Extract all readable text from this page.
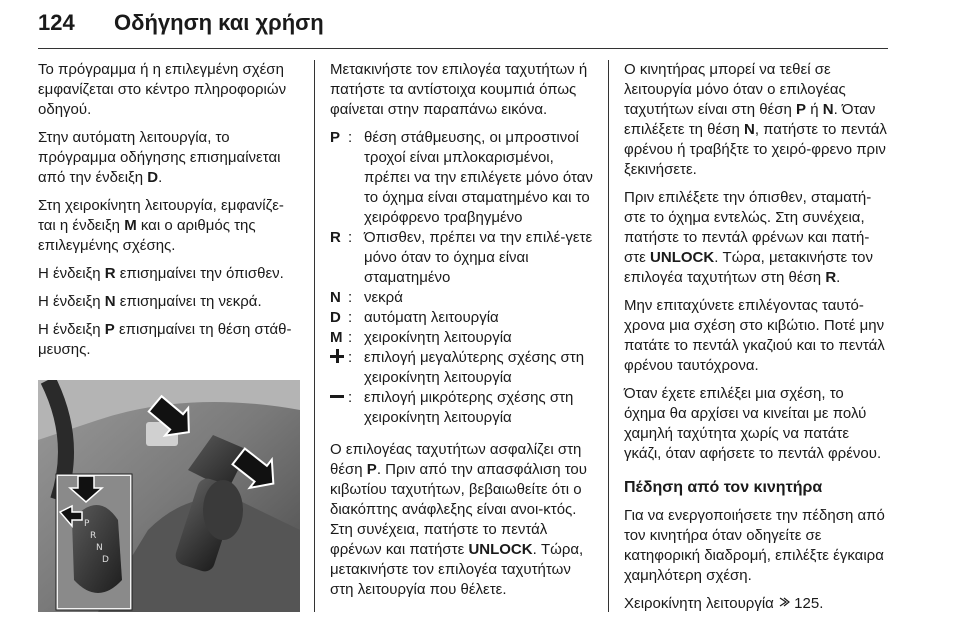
124 Οδήγηση και χρήση

Το πρόγραμμα ή η επιλεγμένη σχέση εμφανίζεται στο κέντρο πληροφοριών οδηγού.

Στην αυτόματη λειτουργία, το πρόγραμμα οδήγησης επισημαίνεται από την ένδειξη D.

Στη χειροκίνητη λειτουργία, εμφανίζε-ται η ένδειξη M και ο αριθμός της επιλεγμένης σχέσης.

Η ένδειξη R επισημαίνει την όπισθεν.

Η ένδειξη N επισημαίνει τη νεκρά.

Η ένδειξη P επισημαίνει τη θέση στάθ-μευσης.

R
N
D
P

Μετακινήστε τον επιλογέα ταχυτήτων ή πατήστε τα αντίστοιχα κουμπιά όπως φαίνεται στην παραπάνω εικόνα.

P : θέση στάθμευσης, οι μπροστινοί τροχοί είναι μπλοκαρισμένοι, πρέπει να την επιλέγετε μόνο όταν το όχημα είναι σταματημένο και το χειρόφρενο τραβηγμένο
R : Όπισθεν, πρέπει να την επιλέ-γετε μόνο όταν το όχημα είναι σταματημένο
N : νεκρά
D : αυτόματη λειτουργία
M : χειροκίνητη λειτουργία
: επιλογή μεγαλύτερης σχέσης στη χειροκίνητη λειτουργία
: επιλογή μικρότερης σχέσης στη χειροκίνητη λειτουργία

Ο επιλογέας ταχυτήτων ασφαλίζει στη θέση P. Πριν από την απασφάλιση του κιβωτίου ταχυτήτων, βεβαιωθείτε ότι ο διακόπτης ανάφλεξης είναι ανοι-κτός. Στη συνέχεια, πατήστε το πεντάλ φρένων και πατήστε UNLOCK. Τώρα, μετακινήστε τον επιλογέα ταχυτήτων στη λειτουργία που θέλετε.

Ο κινητήρας μπορεί να τεθεί σε λειτουργία μόνο όταν ο επιλογέας ταχυτήτων είναι στη θέση P ή N. Όταν επιλέξετε τη θέση N, πατήστε το πεντάλ φρένου ή τραβήξτε το χειρό-φρενο πριν ξεκινήσετε.

Πριν επιλέξετε την όπισθεν, σταματή-στε το όχημα εντελώς. Στη συνέχεια, πατήστε το πεντάλ φρένων και πατή-στε UNLOCK. Τώρα, μετακινήστε τον επιλογέα ταχυτήτων στη θέση R.

Μην επιταχύνετε επιλέγοντας ταυτό-χρονα μια σχέση στο κιβώτιο. Ποτέ μην πατάτε το πεντάλ γκαζιού και το πεντάλ φρένου ταυτόχρονα.

Όταν έχετε επιλέξει μια σχέση, το όχημα θα αρχίσει να κινείται με πολύ χαμηλή ταχύτητα χωρίς να πατάτε γκάζι, όταν αφήσετε το πεντάλ φρένου.

Πέδηση από τον κινητήρα

Για να ενεργοποιήσετε την πέδηση από τον κινητήρα όταν οδηγείτε σε κατηφορική διαδρομή, επιλέξτε έγκαιρα χαμηλότερη σχέση.

Χειροκίνητη λειτουργία  125.
